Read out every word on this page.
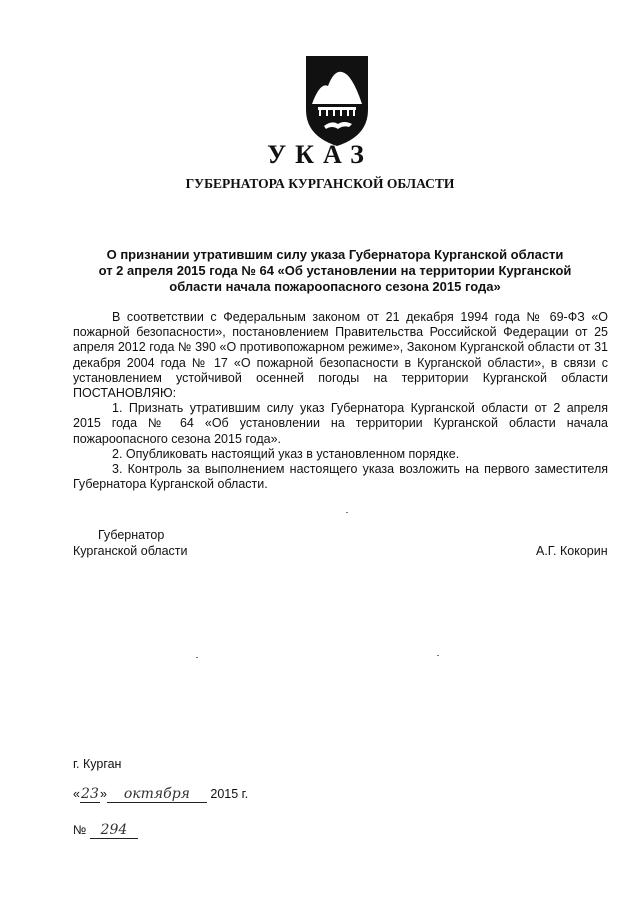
УКАЗ
ГУБЕРНАТОРА КУРГАНСКОЙ ОБЛАСТИ
О признании утратившим силу указа Губернатора Курганской области
от 2 апреля 2015 года № 64 «Об установлении на территории Курганской
области начала пожароопасного сезона 2015 года»

В соответствии с Федеральным законом от 21 декабря 1994 года № 69-ФЗ «О пожарной безопасности», постановлением Правительства Российской Федерации от 25 апреля 2012 года № 390 «О противопожарном режиме», Законом Курганской области от 31 декабря 2004 года № 17 «О пожарной безопасности в Курганской области», в связи с установлением устойчивой осенней погоды на территории Курганской области ПОСТАНОВЛЯЮ:

1. Признать утратившим силу указ Губернатора Курганской области от 2 апреля 2015 года № 64 «Об установлении на территории Курганской области начала пожароопасного сезона 2015 года».

2. Опубликовать настоящий указ в установленном порядке.

3. Контроль за выполнением настоящего указа возложить на первого заместителя Губернатора Курганской области.

Губернатор
Курганской области	А.Г. Кокорин
г. Курган
«23» октября 2015 г.
№ 294
